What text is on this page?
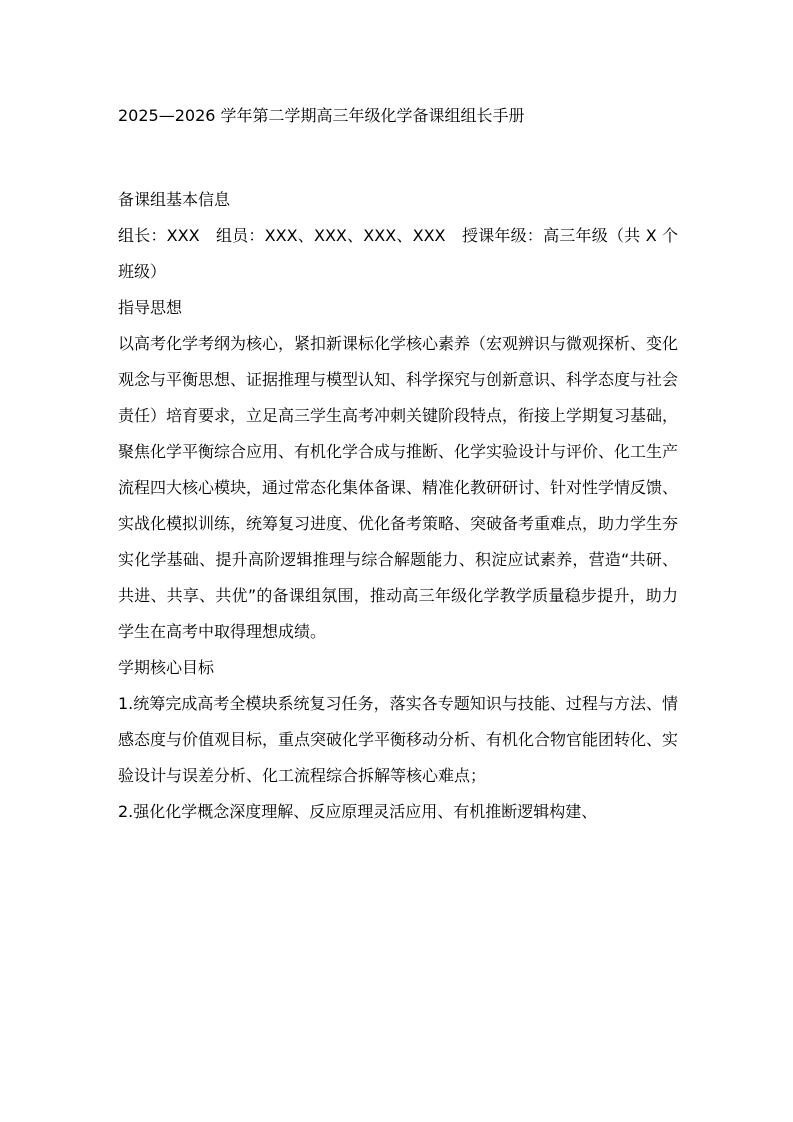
2025—2026 学年第二学期高三年级化学备课组组长手册

备课组基本信息

组长：XXX　组员：XXX、XXX、XXX、XXX　授课年级：高三年级（共 X 个班级）

指导思想

以高考化学考纲为核心，紧扣新课标化学核心素养（宏观辨识与微观探析、变化观念与平衡思想、证据推理与模型认知、科学探究与创新意识、科学态度与社会责任）培育要求，立足高三学生高考冲刺关键阶段特点，衔接上学期复习基础，聚焦化学平衡综合应用、有机化学合成与推断、化学实验设计与评价、化工生产流程四大核心模块，通过常态化集体备课、精准化教研研讨、针对性学情反馈、实战化模拟训练，统筹复习进度、优化备考策略、突破备考重难点，助力学生夯实化学基础、提升高阶逻辑推理与综合解题能力、积淀应试素养，营造“共研、共进、共享、共优”的备课组氛围，推动高三年级化学教学质量稳步提升，助力学生在高考中取得理想成绩。

学期核心目标

1.统筹完成高考全模块系统复习任务，落实各专题知识与技能、过程与方法、情感态度与价值观目标，重点突破化学平衡移动分析、有机化合物官能团转化、实验设计与误差分析、化工流程综合拆解等核心难点；

2.强化化学概念深度理解、反应原理灵活应用、有机推断逻辑构建、
